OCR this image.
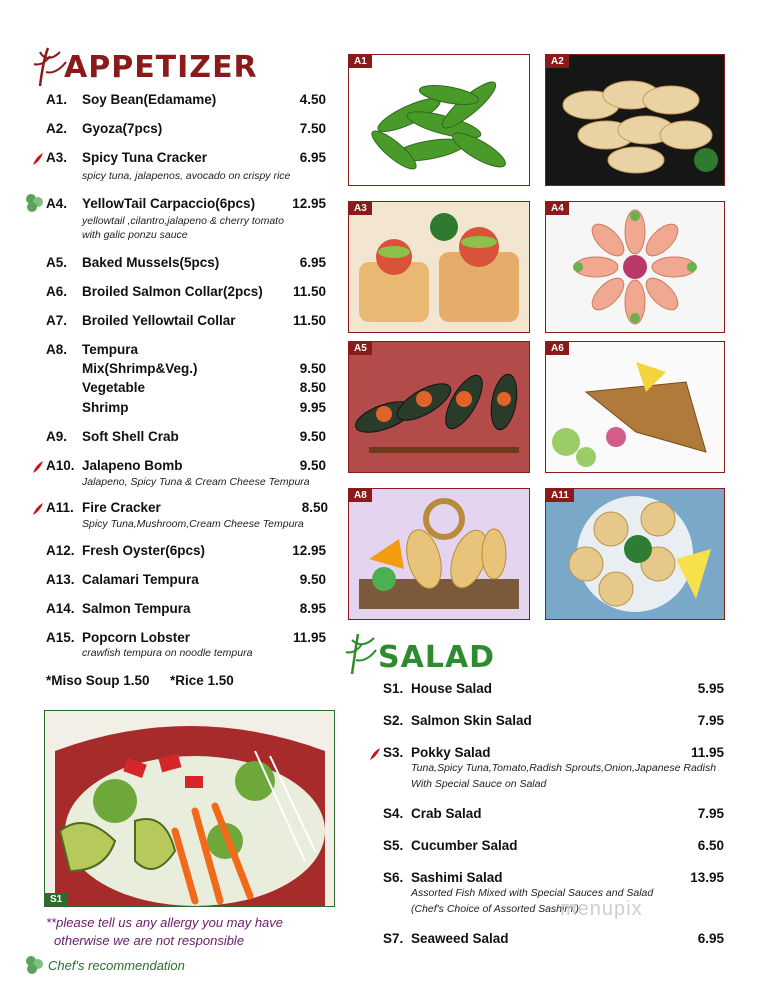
APPETIZER
A1. Soy Bean(Edamame)	4.50
A2. Gyoza(7pcs)	7.50
A3. Spicy Tuna Cracker	6.95
spicy tuna, jalapenos, avocado on crispy rice
A4. YellowTail Carpaccio(6pcs)	12.95
yellowtail ,cilantro,jalapeno & cherry tomato
with galic ponzu sauce
A5. Baked Mussels(5pcs)	6.95
A6. Broiled Salmon Collar(2pcs) 11.50
A7. Broiled Yellowtail Collar	11.50
A8. Tempura
Mix(Shrimp&Veg.)	9.50
Vegetable	8.50
Shrimp	9.95
A9. Soft Shell Crab	9.50
A10. Jalapeno Bomb	9.50
Jalapeno, Spicy Tuna & Cream Cheese Tempura
A11. Fire Cracker	8.50
Spicy Tuna,Mushroom,Cream Cheese Tempura
A12. Fresh Oyster(6pcs)	12.95
A13. Calamari Tempura	9.50
A14. Salmon Tempura	8.95
A15. Popcorn Lobster	11.95
crawfish tempura on noodle tempura
*Miso Soup 1.50 *Rice 1.50
A1	A2
A3	A4
A5	A6
A8	A11
S1
SALAD
S1. House Salad	5.95
S2. Salmon Skin Salad	7.95
S3. Pokky Salad	11.95
Tuna,Spicy Tuna,Tomato,Radish Sprouts,Onion,Japanese Radish
With Special Sauce on Salad
S4. Crab Salad	7.95
S5. Cucumber Salad	6.50
S6. Sashimi Salad	13.95
Assorted Fish Mixed with Special Sauces and Salad
(Chef's Choice of Assorted Sashimi)
S7. Seaweed Salad	6.95
menupix
**please tell us any allergy you may have
otherwise we are not responsible
Chef's recommendation
